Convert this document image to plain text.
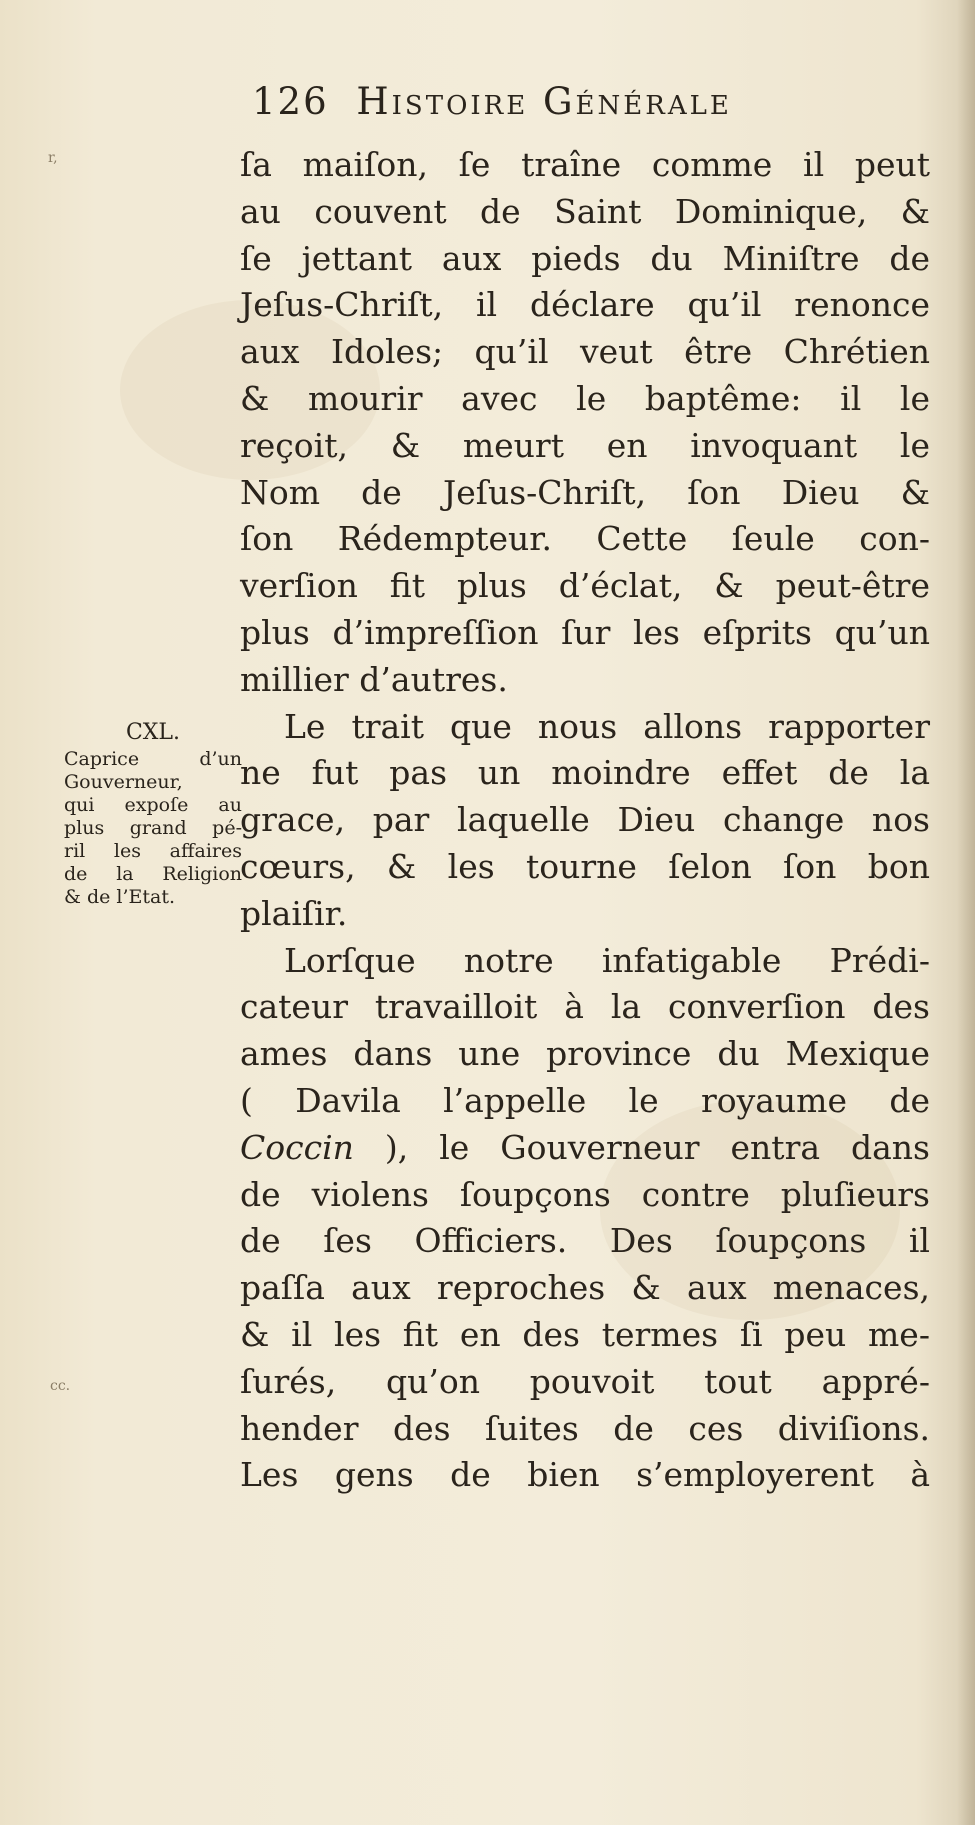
126 Histoire Générale
r,
cc.
CXL.
Caprice d’un
Gouverneur,
qui expoſe au
plus grand pé-
ril les affaires
de la Religion
& de l’Etat.
ſa maiſon, ſe traîne comme il peut
au couvent de Saint Dominique, &
ſe jettant aux pieds du Miniſtre de
Jeſus-Chriſt, il déclare qu’il renonce
aux Idoles; qu’il veut être Chrétien
& mourir avec le baptême: il le
reçoit, & meurt en invoquant le
Nom de Jeſus-Chriſt, ſon Dieu &
ſon Rédempteur. Cette ſeule con-
verſion fit plus d’éclat, & peut-être
plus d’impreſſion ſur les eſprits qu’un
millier d’autres.
Le trait que nous allons rapporter
ne fut pas un moindre effet de la
grace, par laquelle Dieu change nos
cœurs, & les tourne ſelon ſon bon
plaiſir.
Lorſque notre infatigable Prédi-
cateur travailloit à la converſion des
ames dans une province du Mexique
( Davila l’appelle le royaume de
Coccin ), le Gouverneur entra dans
de violens ſoupçons contre pluſieurs
de ſes Officiers. Des ſoupçons il
paſſa aux reproches & aux menaces,
& il les fit en des termes ſi peu me-
ſurés, qu’on pouvoit tout appré-
hender des ſuites de ces diviſions.
Les gens de bien s’employerent à
